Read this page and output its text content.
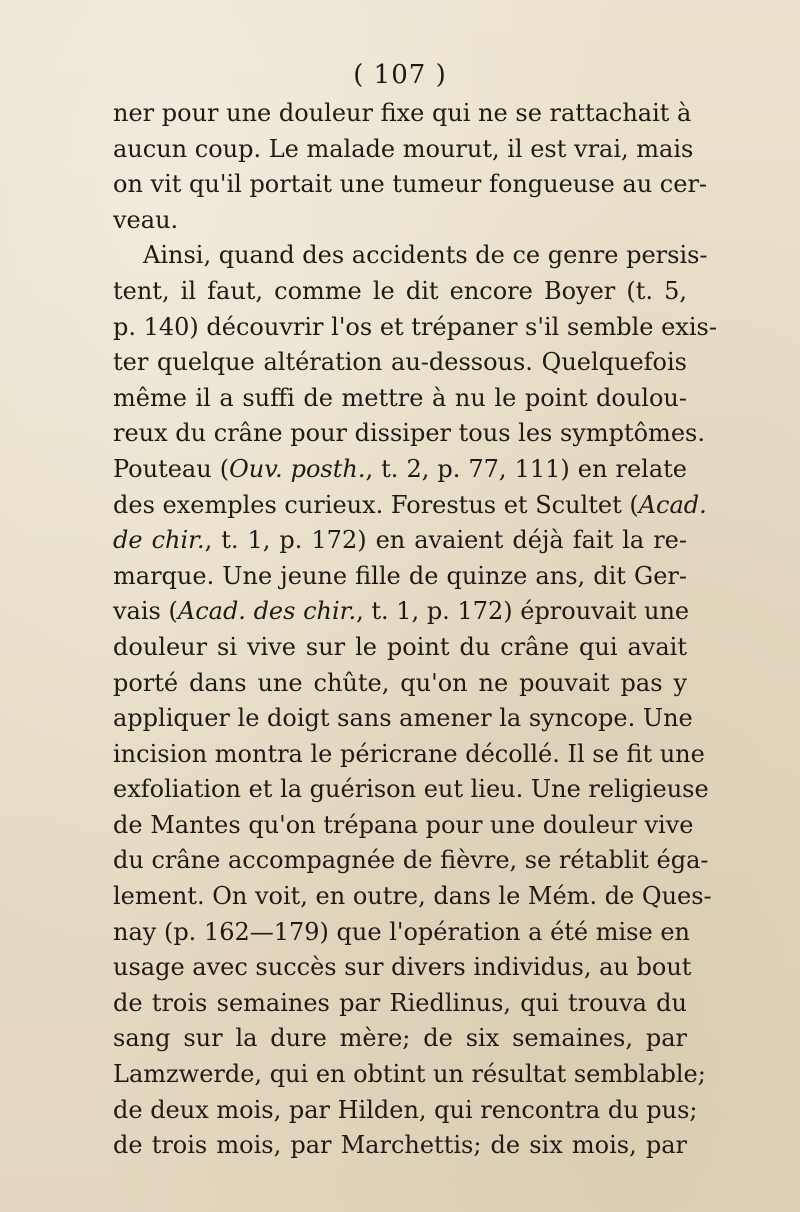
( 107 )
ner pour une douleur fixe qui ne se rattachait à
aucun coup. Le malade mourut, il est vrai, mais
on vit qu'il portait une tumeur fongueuse au cer-
veau.
Ainsi, quand des accidents de ce genre persis-
tent, il faut, comme le dit encore Boyer (t. 5,
p. 140) découvrir l'os et trépaner s'il semble exis-
ter quelque altération au-dessous. Quelquefois
même il a suffi de mettre à nu le point doulou-
reux du crâne pour dissiper tous les symptômes.
Pouteau (Ouv. posth., t. 2, p. 77, 111) en relate
des exemples curieux. Forestus et Scultet (Acad.
de chir., t. 1, p. 172) en avaient déjà fait la re-
marque. Une jeune fille de quinze ans, dit Ger-
vais (Acad. des chir., t. 1, p. 172) éprouvait une
douleur si vive sur le point du crâne qui avait
porté dans une chûte, qu'on ne pouvait pas y
appliquer le doigt sans amener la syncope. Une
incision montra le péricrane décollé. Il se fit une
exfoliation et la guérison eut lieu. Une religieuse
de Mantes qu'on trépana pour une douleur vive
du crâne accompagnée de fièvre, se rétablit éga-
lement. On voit, en outre, dans le Mém. de Ques-
nay (p. 162—179) que l'opération a été mise en
usage avec succès sur divers individus, au bout
de trois semaines par Riedlinus, qui trouva du
sang sur la dure mère; de six semaines, par
Lamzwerde, qui en obtint un résultat semblable;
de deux mois, par Hilden, qui rencontra du pus;
de trois mois, par Marchettis; de six mois, par
